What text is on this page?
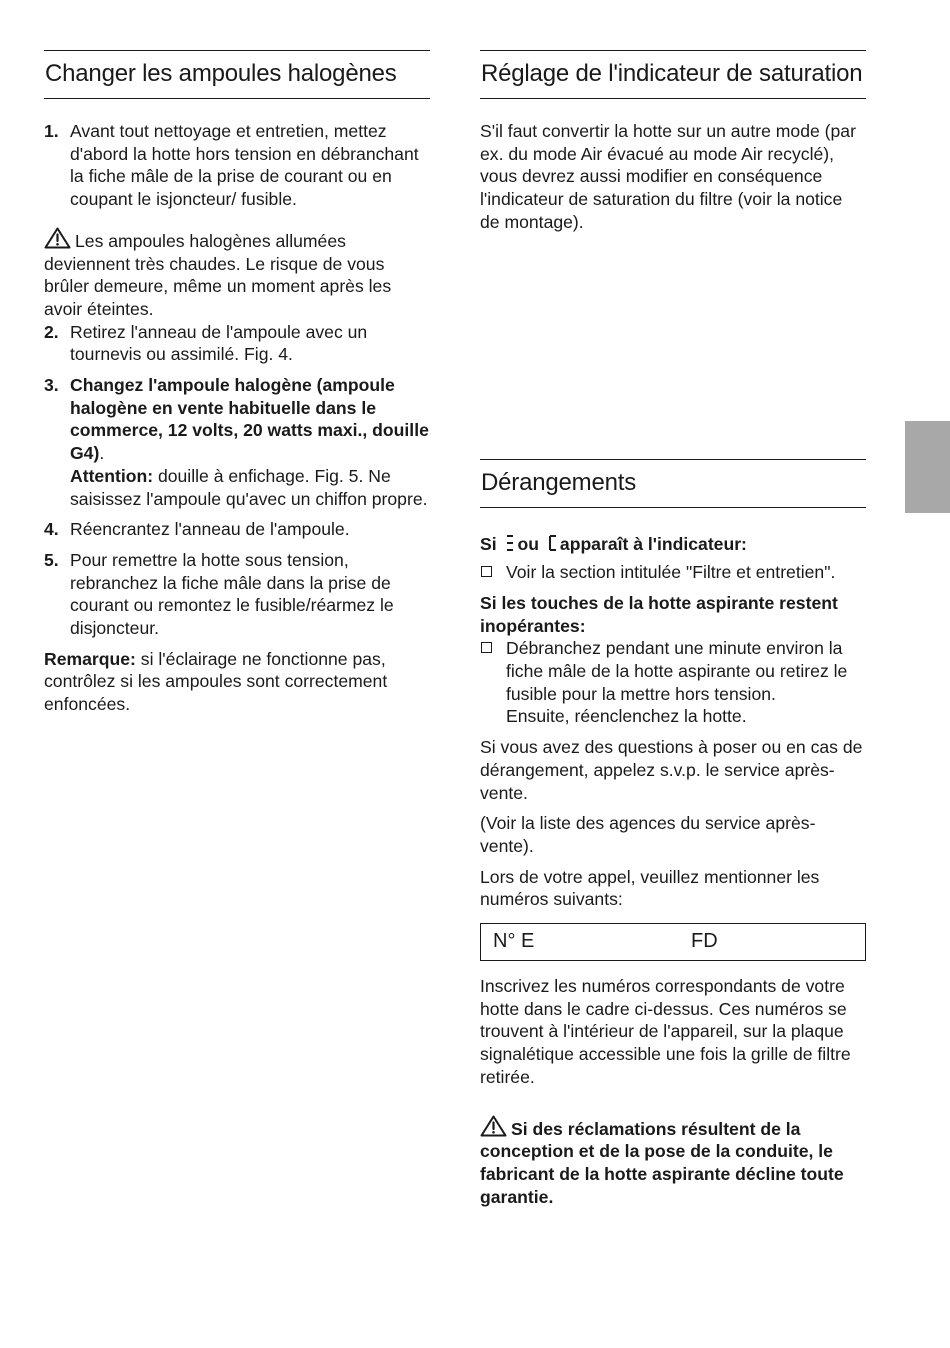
Changer les ampoules halogènes
1. Avant tout nettoyage et entretien, mettez d'abord la hotte hors tension en débranchant la fiche mâle de la prise de courant ou en coupant le isjoncteur/ fusible.

Les ampoules halogènes allumées deviennent très chaudes. Le risque de vous brûler demeure, même un moment après les avoir éteintes.

2. Retirez l'anneau de l'ampoule avec un tournevis ou assimilé. Fig. 4.
3. Changez l'ampoule halogène (ampoule halogène en vente habituelle dans le commerce, 12 volts, 20 watts maxi., douille G4).
Attention: douille à enfichage. Fig. 5. Ne saisissez l'ampoule qu'avec un chiffon propre.
4. Réencrantez l'anneau de l'ampoule.
5. Pour remettre la hotte sous tension, rebranchez la fiche mâle dans la prise de courant ou remontez le fusible/réarmez le disjoncteur.

Remarque: si l'éclairage ne fonctionne pas, contrôlez si les ampoules sont correctement enfoncées.

Réglage de l'indicateur de saturation

S'il faut convertir la hotte sur un autre mode (par ex. du mode Air évacué au mode Air recyclé), vous devrez aussi modifier en conséquence l'indicateur de saturation du filtre (voir la notice de montage).

Dérangements

Si ou apparaît à l'indicateur:

Voir la section intitulée "Filtre et entretien".

Si les touches de la hotte aspirante restent inopérantes:

Débranchez pendant une minute environ la fiche mâle de la hotte aspirante ou retirez le fusible pour la mettre hors tension.
Ensuite, réenclenchez la hotte.

Si vous avez des questions à poser ou en cas de dérangement, appelez s.v.p. le service après-vente.

(Voir la liste des agences du service après-vente).

Lors de votre appel, veuillez mentionner les numéros suivants:

N° E	FD

Inscrivez les numéros correspondants de votre hotte dans le cadre ci-dessus. Ces numéros se trouvent à l'intérieur de l'appareil, sur la plaque signalétique accessible une fois la grille de filtre retirée.

Si des réclamations résultent de la conception et de la pose de la conduite, le fabricant de la hotte aspirante décline toute garantie.
